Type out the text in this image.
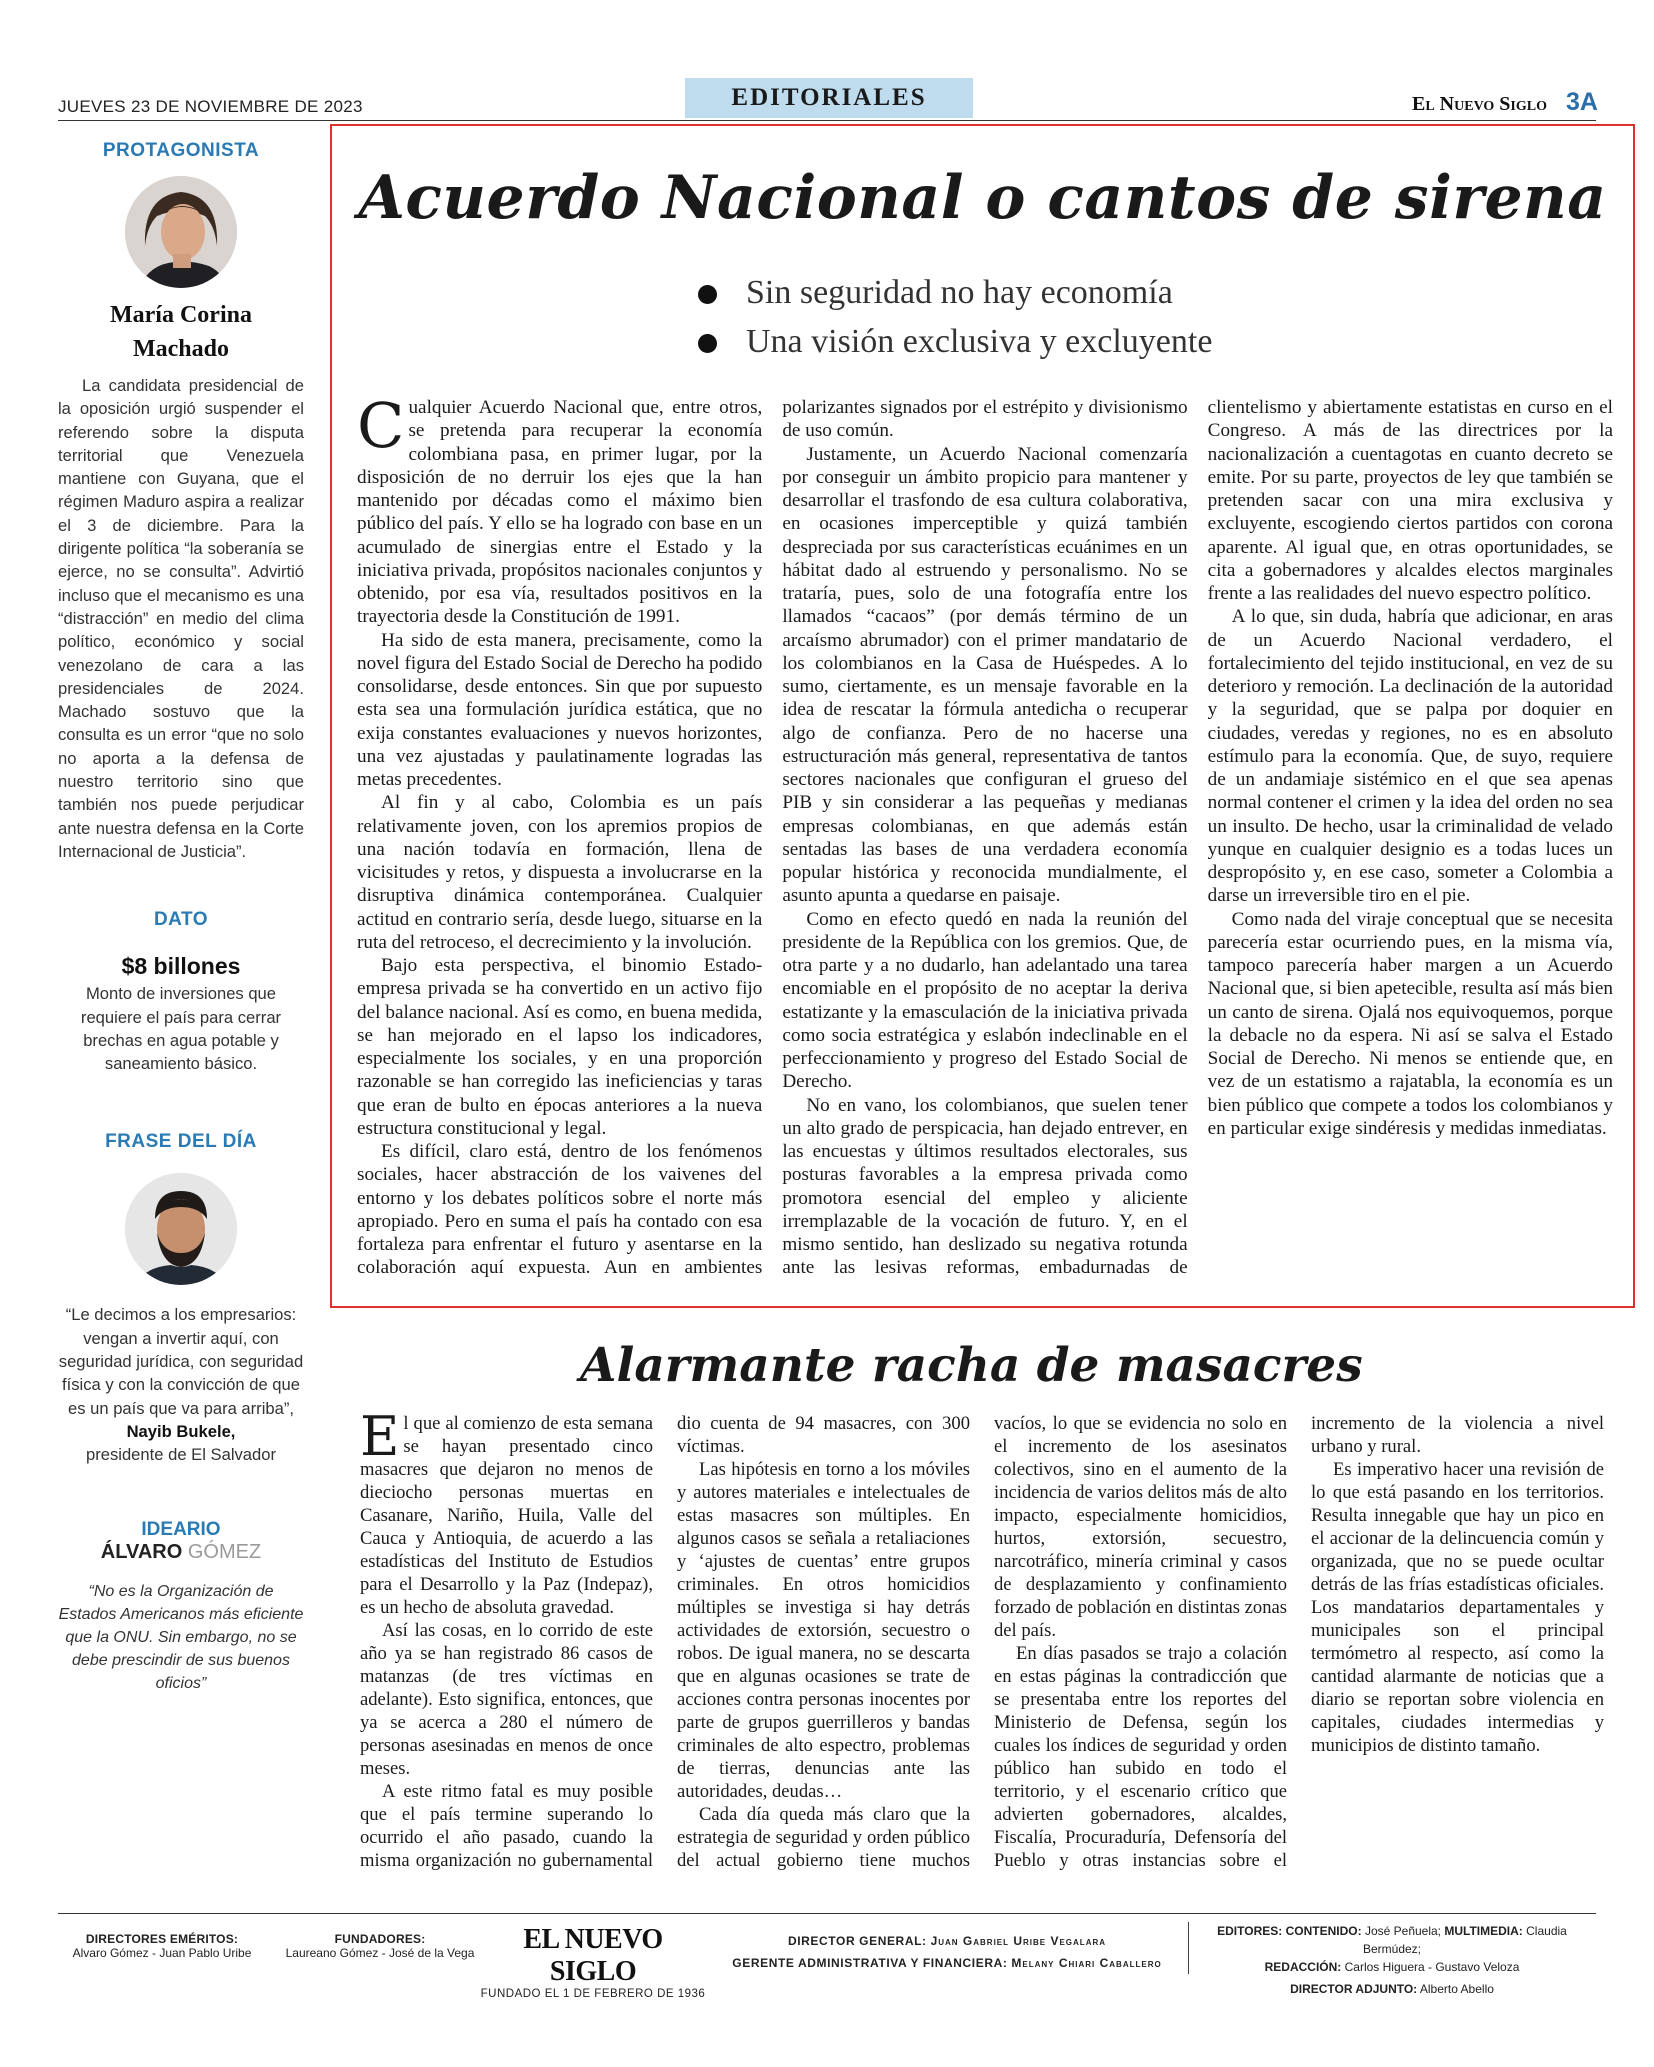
JUEVES 23 DE NOVIEMBRE DE 2023	EDITORIALES	El Nuevo Siglo 3A
PROTAGONISTA
María Corina
Machado
La candidata presidencial de la oposición urgió suspender el referendo sobre la disputa territorial que Venezuela mantiene con Guyana, que el régimen Maduro aspira a realizar el 3 de diciembre. Para la dirigente política “la soberanía se ejerce, no se consulta”. Advirtió incluso que el mecanismo es una “distracción” en medio del clima político, económico y social venezolano de cara a las presidenciales de 2024. Machado sostuvo que la consulta es un error “que no solo no aporta a la defensa de nuestro territorio sino que también nos puede perjudicar ante nuestra defensa en la Corte Internacional de Justicia”.
DATO
$8 billones
Monto de inversiones que requiere el país para cerrar brechas en agua potable y saneamiento básico.
FRASE DEL DÍA
“Le decimos a los empresarios: vengan a invertir aquí, con seguridad jurídica, con seguridad física y con la convicción de que es un país que va para arriba”,
Nayib Bukele,
presidente de El Salvador
IDEARIO
ÁLVARO GÓMEZ
“No es la Organización de Estados Americanos más eficiente que la ONU. Sin embargo, no se debe prescindir de sus buenos oficios”
Acuerdo Nacional o cantos de sirena
Sin seguridad no hay economía
Una visión exclusiva y excluyente

Cualquier Acuerdo Nacional que, entre otros, se pretenda para recuperar la economía colombiana pasa, en primer lugar, por la disposición de no derruir los ejes que la han mantenido por décadas como el máximo bien público del país. Y ello se ha logrado con base en un acumulado de sinergias entre el Estado y la iniciativa privada, propósitos nacionales conjuntos y obtenido, por esa vía, resultados positivos en la trayectoria desde la Constitución de 1991.

Ha sido de esta manera, precisamente, como la novel figura del Estado Social de Derecho ha podido consolidarse, desde entonces. Sin que por supuesto esta sea una formulación jurídica estática, que no exija constantes evaluaciones y nuevos horizontes, una vez ajustadas y paulatinamente logradas las metas precedentes.

Al fin y al cabo, Colombia es un país relativamente joven, con los apremios propios de una nación todavía en formación, llena de vicisitudes y retos, y dispuesta a involucrarse en la disruptiva dinámica contemporánea. Cualquier actitud en contrario sería, desde luego, situarse en la ruta del retroceso, el decrecimiento y la involución.

Bajo esta perspectiva, el binomio Estado-empresa privada se ha convertido en un activo fijo del balance nacional. Así es como, en buena medida, se han mejorado en el lapso los indicadores, especialmente los sociales, y en una proporción razonable se han corregido las ineficiencias y taras que eran de bulto en épocas anteriores a la nueva estructura constitucional y legal.

Es difícil, claro está, dentro de los fenómenos sociales, hacer abstracción de los vaivenes del entorno y los debates políticos sobre el norte más apropiado. Pero en suma el país ha contado con esa fortaleza para enfrentar el futuro y asentarse en la colaboración aquí expuesta. Aun en ambientes polarizantes signados por el estrépito y divisionismo de uso común.

Justamente, un Acuerdo Nacional comenzaría por conseguir un ámbito propicio para mantener y desarrollar el trasfondo de esa cultura colaborativa, en ocasiones imperceptible y quizá también despreciada por sus características ecuánimes en un hábitat dado al estruendo y personalismo. No se trataría, pues, solo de una fotografía entre los llamados “cacaos” (por demás término de un arcaísmo abrumador) con el primer mandatario de los colombianos en la Casa de Huéspedes. A lo sumo, ciertamente, es un mensaje favorable en la idea de rescatar la fórmula antedicha o recuperar algo de confianza. Pero de no hacerse una estructuración más general, representativa de tantos sectores nacionales que configuran el grueso del PIB y sin considerar a las pequeñas y medianas empresas colombianas, en que además están sentadas las bases de una verdadera economía popular histórica y reconocida mundialmente, el asunto apunta a quedarse en paisaje.

Como en efecto quedó en nada la reunión del presidente de la República con los gremios. Que, de otra parte y a no dudarlo, han adelantado una tarea encomiable en el propósito de no aceptar la deriva estatizante y la emasculación de la iniciativa privada como socia estratégica y eslabón indeclinable en el perfeccionamiento y progreso del Estado Social de Derecho.

No en vano, los colombianos, que suelen tener un alto grado de perspicacia, han dejado entrever, en las encuestas y últimos resultados electorales, sus posturas favorables a la empresa privada como promotora esencial del empleo y aliciente irremplazable de la vocación de futuro. Y, en el mismo sentido, han deslizado su negativa rotunda ante las lesivas reformas, embadurnadas de clientelismo y abiertamente estatistas en curso en el Congreso. A más de las directrices por la nacionalización a cuentagotas en cuanto decreto se emite. Por su parte, proyectos de ley que también se pretenden sacar con una mira exclusiva y excluyente, escogiendo ciertos partidos con corona aparente. Al igual que, en otras oportunidades, se cita a gobernadores y alcaldes electos marginales frente a las realidades del nuevo espectro político.

A lo que, sin duda, habría que adicionar, en aras de un Acuerdo Nacional verdadero, el fortalecimiento del tejido institucional, en vez de su deterioro y remoción. La declinación de la autoridad y la seguridad, que se palpa por doquier en ciudades, veredas y regiones, no es en absoluto estímulo para la economía. Que, de suyo, requiere de un andamiaje sistémico en el que sea apenas normal contener el crimen y la idea del orden no sea un insulto. De hecho, usar la criminalidad de velado yunque en cualquier designio es a todas luces un despropósito y, en ese caso, someter a Colombia a darse un irreversible tiro en el pie.

Como nada del viraje conceptual que se necesita parecería estar ocurriendo pues, en la misma vía, tampoco parecería haber margen a un Acuerdo Nacional que, si bien apetecible, resulta así más bien un canto de sirena. Ojalá nos equivoquemos, porque la debacle no da espera. Ni así se salva el Estado Social de Derecho. Ni menos se entiende que, en vez de un estatismo a rajatabla, la economía es un bien público que compete a todos los colombianos y en particular exige sindéresis y medidas inmediatas.

Alarmante racha de masacres

El que al comienzo de esta semana se hayan presentado cinco masacres que dejaron no menos de dieciocho personas muertas en Casanare, Nariño, Huila, Valle del Cauca y Antioquia, de acuerdo a las estadísticas del Instituto de Estudios para el Desarrollo y la Paz (Indepaz), es un hecho de absoluta gravedad.

Así las cosas, en lo corrido de este año ya se han registrado 86 casos de matanzas (de tres víctimas en adelante). Esto significa, entonces, que ya se acerca a 280 el número de personas asesinadas en menos de once meses.

A este ritmo fatal es muy posible que el país termine superando lo ocurrido el año pasado, cuando la misma organización no gubernamental dio cuenta de 94 masacres, con 300 víctimas.

Las hipótesis en torno a los móviles y autores materiales e intelectuales de estas masacres son múltiples. En algunos casos se señala a retaliaciones y ‘ajustes de cuentas’ entre grupos criminales. En otros homicidios múltiples se investiga si hay detrás actividades de extorsión, secuestro o robos. De igual manera, no se descarta que en algunas ocasiones se trate de acciones contra personas inocentes por parte de grupos guerrilleros y bandas criminales de alto espectro, problemas de tierras, denuncias ante las autoridades, deudas…

Cada día queda más claro que la estrategia de seguridad y orden público del actual gobierno tiene muchos vacíos, lo que se evidencia no solo en el incremento de los asesinatos colectivos, sino en el aumento de la incidencia de varios delitos más de alto impacto, especialmente homicidios, hurtos, extorsión, secuestro, narcotráfico, minería criminal y casos de desplazamiento y confinamiento forzado de población en distintas zonas del país.

En días pasados se trajo a colación en estas páginas la contradicción que se presentaba entre los reportes del Ministerio de Defensa, según los cuales los índices de seguridad y orden público han subido en todo el territorio, y el escenario crítico que advierten gobernadores, alcaldes, Fiscalía, Procuraduría, Defensoría del Pueblo y otras instancias sobre el incremento de la violencia a nivel urbano y rural.

Es imperativo hacer una revisión de lo que está pasando en los territorios. Resulta innegable que hay un pico en el accionar de la delincuencia común y organizada, que no se puede ocultar detrás de las frías estadísticas oficiales. Los mandatarios departamentales y municipales son el principal termómetro al respecto, así como la cantidad alarmante de noticias que a diario se reportan sobre violencia en capitales, ciudades intermedias y municipios de distinto tamaño.

DIRECTORES EMÉRITOS:
Alvaro Gómez - Juan Pablo Uribe
FUNDADORES:
Laureano Gómez - José de la Vega	EL NUEVO SIGLO
FUNDADO EL 1 DE FEBRERO DE 1936
DIRECTOR GENERAL: Juan Gabriel Uribe Vegalara
GERENTE ADMINISTRATIVA Y FINANCIERA: Melany Chiari Caballero
EDITORES: CONTENIDO: José Peñuela; MULTIMEDIA: Claudia Bermúdez;
REDACCIÓN: Carlos Higuera - Gustavo Veloza
DIRECTOR ADJUNTO: Alberto Abello
